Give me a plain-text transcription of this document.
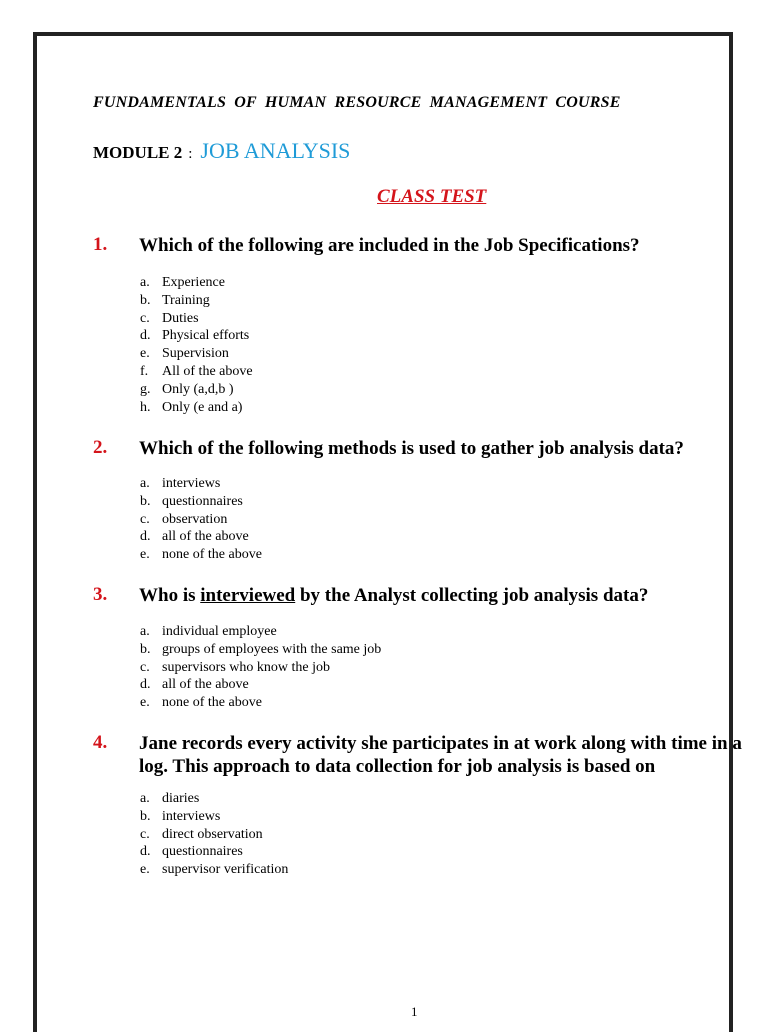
FUNDAMENTALS OF HUMAN RESOURCE MANAGEMENT COURSE
MODULE 2 : JOB ANALYSIS
CLASS TEST
1. Which of the following are included in the Job Specifications?
a. Experience
b. Training
c. Duties
d. Physical efforts
e. Supervision
f. All of the above
g. Only (a,d,b )
h. Only (e and a)
2. Which of the following methods is used to gather job analysis data?
a. interviews
b. questionnaires
c. observation
d. all of the above
e. none of the above
3. Who is interviewed by the Analyst collecting job analysis data?
a. individual employee
b. groups of employees with the same job
c. supervisors who know the job
d. all of the above
e. none of the above
4. Jane records every activity she participates in at work along with time in a
log. This approach to data collection for job analysis is based on
a. diaries
b. interviews
c. direct observation
d. questionnaires
e. supervisor verification
1
